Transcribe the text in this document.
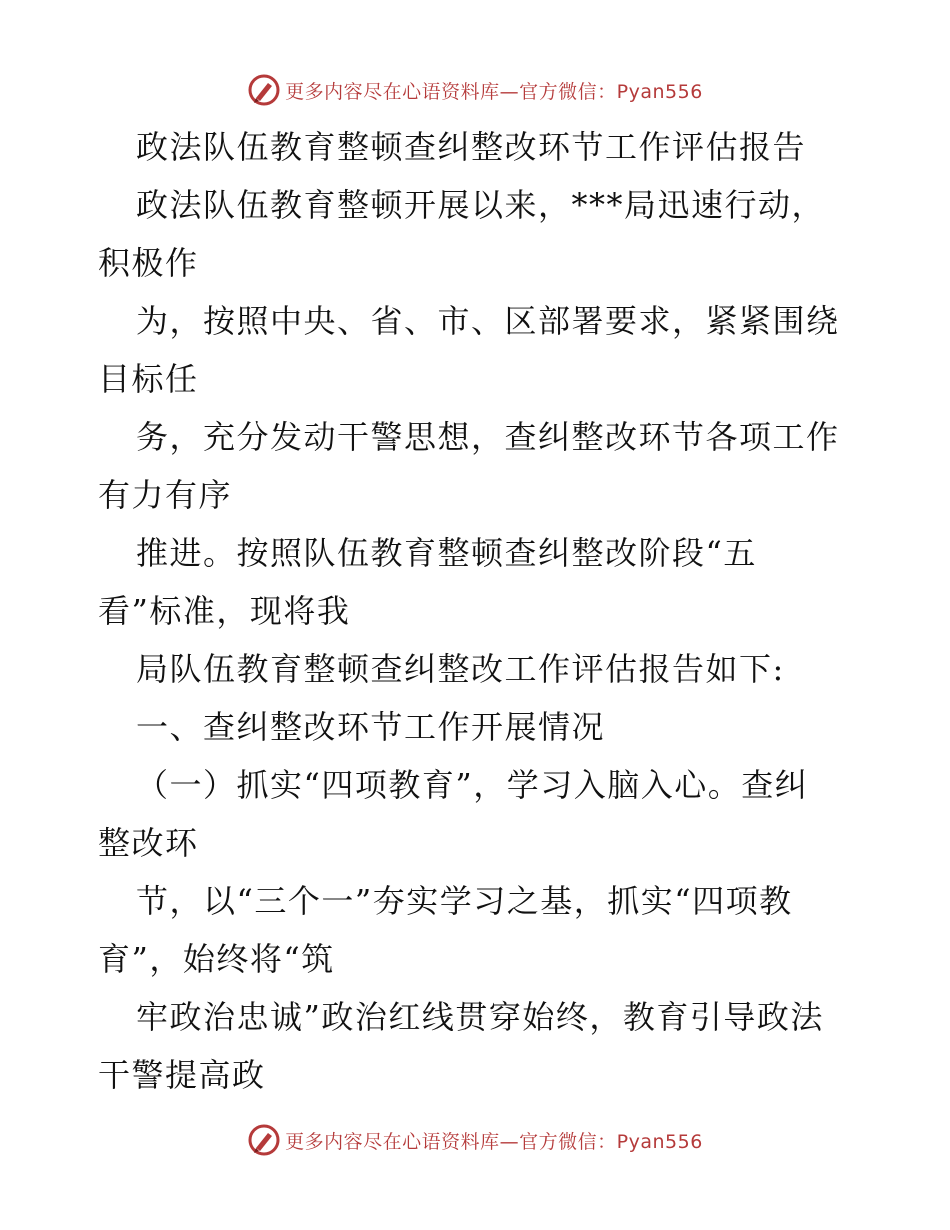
更多内容尽在心语资料库—官方微信：Pyan556
政法队伍教育整顿查纠整改环节工作评估报告
政法队伍教育整顿开展以来，***局迅速行动，
积极作
为，按照中央、省、市、区部署要求，紧紧围绕
目标任
务，充分发动干警思想，查纠整改环节各项工作
有力有序
推进。按照队伍教育整顿查纠整改阶段“五
看”标准，现将我
局队伍教育整顿查纠整改工作评估报告如下:
一、查纠整改环节工作开展情况
（一）抓实“四项教育”，学习入脑入心。查纠
整改环
节，以“三个一”夯实学习之基，抓实“四项教
育”，始终将“筑
牢政治忠诚”政治红线贯穿始终，教育引导政法
干警提高政
更多内容尽在心语资料库—官方微信：Pyan556
